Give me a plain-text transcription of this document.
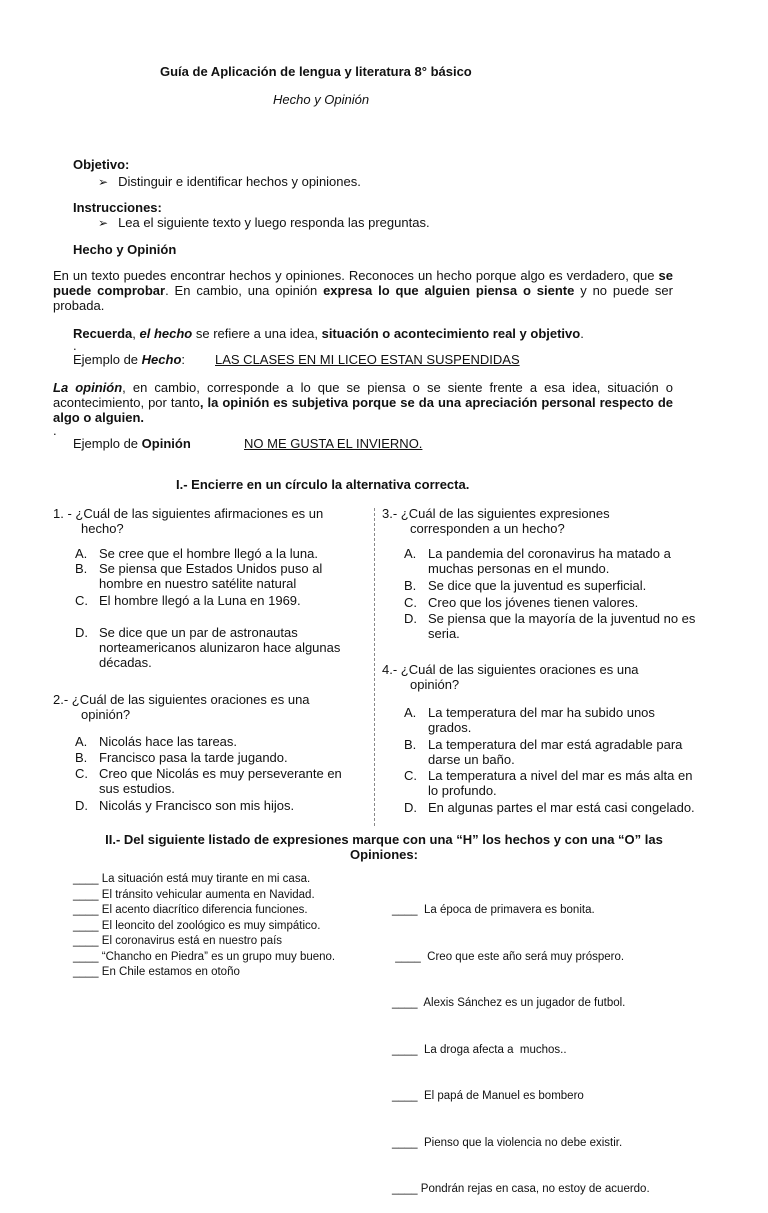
Guía de Aplicación de lengua y literatura 8° básico
Hecho y Opinión
Objetivo:
➢ Distinguir e identificar hechos y opiniones.
Instrucciones:
➢ Lea el siguiente texto y luego responda las preguntas.
Hecho y Opinión
En un texto puedes encontrar hechos y opiniones. Reconoces un hecho porque algo es verdadero, que se puede comprobar. En cambio, una opinión expresa lo que alguien piensa o siente y no puede ser probada.
Recuerda, el hecho se refiere a una idea, situación o acontecimiento real y objetivo.
.
Ejemplo de Hecho: LAS CLASES EN MI LICEO ESTAN SUSPENDIDAS
La opinión, en cambio, corresponde a lo que se piensa o se siente frente a esa idea, situación o acontecimiento, por tanto, la opinión es subjetiva porque se da una apreciación personal respecto de algo o alguien.
.
Ejemplo de Opinión	NO ME GUSTA EL INVIERNO.
I.- Encierre en un círculo la alternativa correcta.
1. - ¿Cuál de las siguientes afirmaciones es un
hecho?
A. Se cree que el hombre llegó a la luna.
B. Se piensa que Estados Unidos puso al
hombre en nuestro satélite natural
C. El hombre llegó a la Luna en 1969.
D. Se dice que un par de astronautas
norteamericanos alunizaron hace algunas
décadas.
2.- ¿Cuál de las siguientes oraciones es una
opinión?
A. Nicolás hace las tareas.
B. Francisco pasa la tarde jugando.
C. Creo que Nicolás es muy perseverante en
sus estudios.
D. Nicolás y Francisco son mis hijos.
3.- ¿Cuál de las siguientes expresiones
corresponden a un hecho?
A. La pandemia del coronavirus ha matado a
muchas personas en el mundo.
B. Se dice que la juventud es superficial.
C. Creo que los jóvenes tienen valores.
D. Se piensa que la mayoría de la juventud no es
seria.
4.- ¿Cuál de las siguientes oraciones es una
opinión?
A. La temperatura del mar ha subido unos
grados.
B. La temperatura del mar está agradable para
darse un baño.
C. La temperatura a nivel del mar es más alta en
lo profundo.
D. En algunas partes el mar está casi congelado.
II.- Del siguiente listado de expresiones marque con una “H” los hechos y con una “O” las
Opiniones:
____ La situación está muy tirante en mi casa.
____ El tránsito vehicular aumenta en Navidad.
____ El acento diacrítico diferencia funciones.
____ El leoncito del zoológico es muy simpático.
____ El coronavirus está en nuestro país
____ “Chancho en Piedra” es un grupo muy bueno.
____ En Chile estamos en otoño

____  La época de primavera es bonita.

____  Creo que este año será muy próspero.

____  Alexis Sánchez es un jugador de futbol.

____  La droga afecta a  muchos..

____  El papá de Manuel es bombero

____  Pienso que la violencia no debe existir.

____ Pondrán rejas en casa, no estoy de acuerdo.
